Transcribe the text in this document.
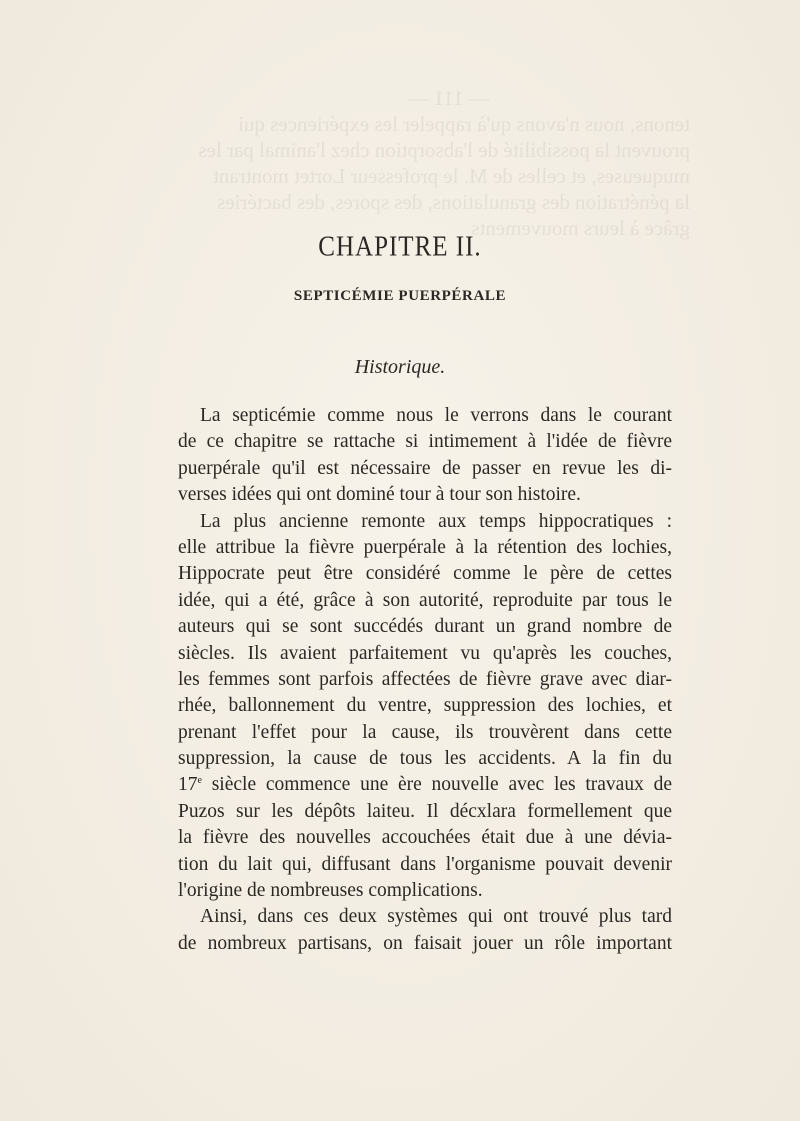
— 111 —
tenons, nous n'avons qu'à rappeler les expériences qui
prouvent la possibilité de l'absorption chez l'animal par les
muqueuses, et celles de M. le professeur Lortet montrant
la pénétration des granulations, des spores, des bactéries
grâce à leurs mouvements
CHAPITRE II.
SEPTICÉMIE PUERPÉRALE
Historique.
La septicémie comme nous le verrons dans le courant
de ce chapitre se rattache si intimement à l'idée de fièvre
puerpérale qu'il est nécessaire de passer en revue les di-
verses idées qui ont dominé tour à tour son histoire.
La plus ancienne remonte aux temps hippocratiques :
elle attribue la fièvre puerpérale à la rétention des lochies,
Hippocrate peut être considéré comme le père de cettes
idée, qui a été, grâce à son autorité, reproduite par tous le
auteurs qui se sont succédés durant un grand nombre de
siècles. Ils avaient parfaitement vu qu'après les couches,
les femmes sont parfois affectées de fièvre grave avec diar-
rhée, ballonnement du ventre, suppression des lochies, et
prenant l'effet pour la cause, ils trouvèrent dans cette
suppression, la cause de tous les accidents. A la fin du
17e siècle commence une ère nouvelle avec les travaux de
Puzos sur les dépôts laiteu. Il décxlara formellement que
la fièvre des nouvelles accouchées était due à une dévia-
tion du lait qui, diffusant dans l'organisme pouvait devenir
l'origine de nombreuses complications.
Ainsi, dans ces deux systèmes qui ont trouvé plus tard
de nombreux partisans, on faisait jouer un rôle important
